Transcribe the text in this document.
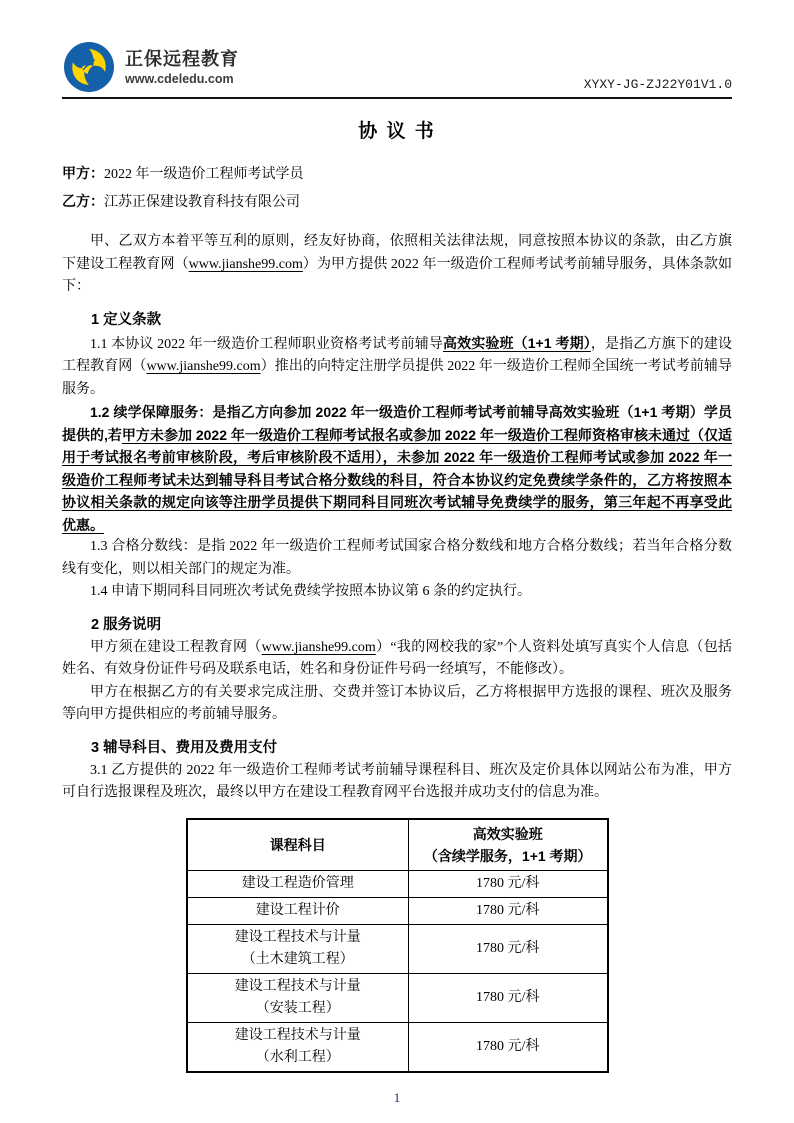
正保远程教育
www.cdeledu.com	XYXY-JG-ZJ22Y01V1.0
协 议 书
甲方：2022 年一级造价工程师考试学员
乙方：江苏正保建设教育科技有限公司

甲、乙双方本着平等互利的原则，经友好协商，依照相关法律法规，同意按照本协议的条款，由乙方旗下建设工程教育网（www.jianshe99.com）为甲方提供 2022 年一级造价工程师考试考前辅导服务，具体条款如下：

1 定义条款

1.1 本协议 2022 年一级造价工程师职业资格考试考前辅导高效实验班（1+1 考期），是指乙方旗下的建设工程教育网（www.jianshe99.com）推出的向特定注册学员提供 2022 年一级造价工程师全国统一考试考前辅导服务。

1.2 续学保障服务：是指乙方向参加 2022 年一级造价工程师考试考前辅导高效实验班（1+1 考期）学员提供的,若甲方未参加 2022 年一级造价工程师考试报名或参加 2022 年一级造价工程师资格审核未通过（仅适用于考试报名考前审核阶段，考后审核阶段不适用），未参加 2022 年一级造价工程师考试或参加 2022 年一级造价工程师考试未达到辅导科目考试合格分数线的科目，符合本协议约定免费续学条件的，乙方将按照本协议相关条款的规定向该等注册学员提供下期同科目同班次考试辅导免费续学的服务，第三年起不再享受此优惠。

1.3 合格分数线：是指 2022 年一级造价工程师考试国家合格分数线和地方合格分数线；若当年合格分数线有变化，则以相关部门的规定为准。

1.4 申请下期同科目同班次考试免费续学按照本协议第 6 条的约定执行。

2 服务说明

甲方须在建设工程教育网（www.jianshe99.com）“我的网校我的家”个人资料处填写真实个人信息（包括姓名、有效身份证件号码及联系电话，姓名和身份证件号码一经填写，不能修改）。

甲方在根据乙方的有关要求完成注册、交费并签订本协议后，乙方将根据甲方选报的课程、班次及服务等向甲方提供相应的考前辅导服务。

3 辅导科目、费用及费用支付

3.1 乙方提供的 2022 年一级造价工程师考试考前辅导课程科目、班次及定价具体以网站公布为准，甲方可自行选报课程及班次，最终以甲方在建设工程教育网平台选报并成功支付的信息为准。

课程科目	高效实验班
（含续学服务，1+1 考期）

建设工程造价管理	1780 元/科

建设工程计价	1780 元/科

建设工程技术与计量
（土木建筑工程）	1780 元/科

建设工程技术与计量
（安装工程）	1780 元/科

建设工程技术与计量
（水利工程）	1780 元/科
1
